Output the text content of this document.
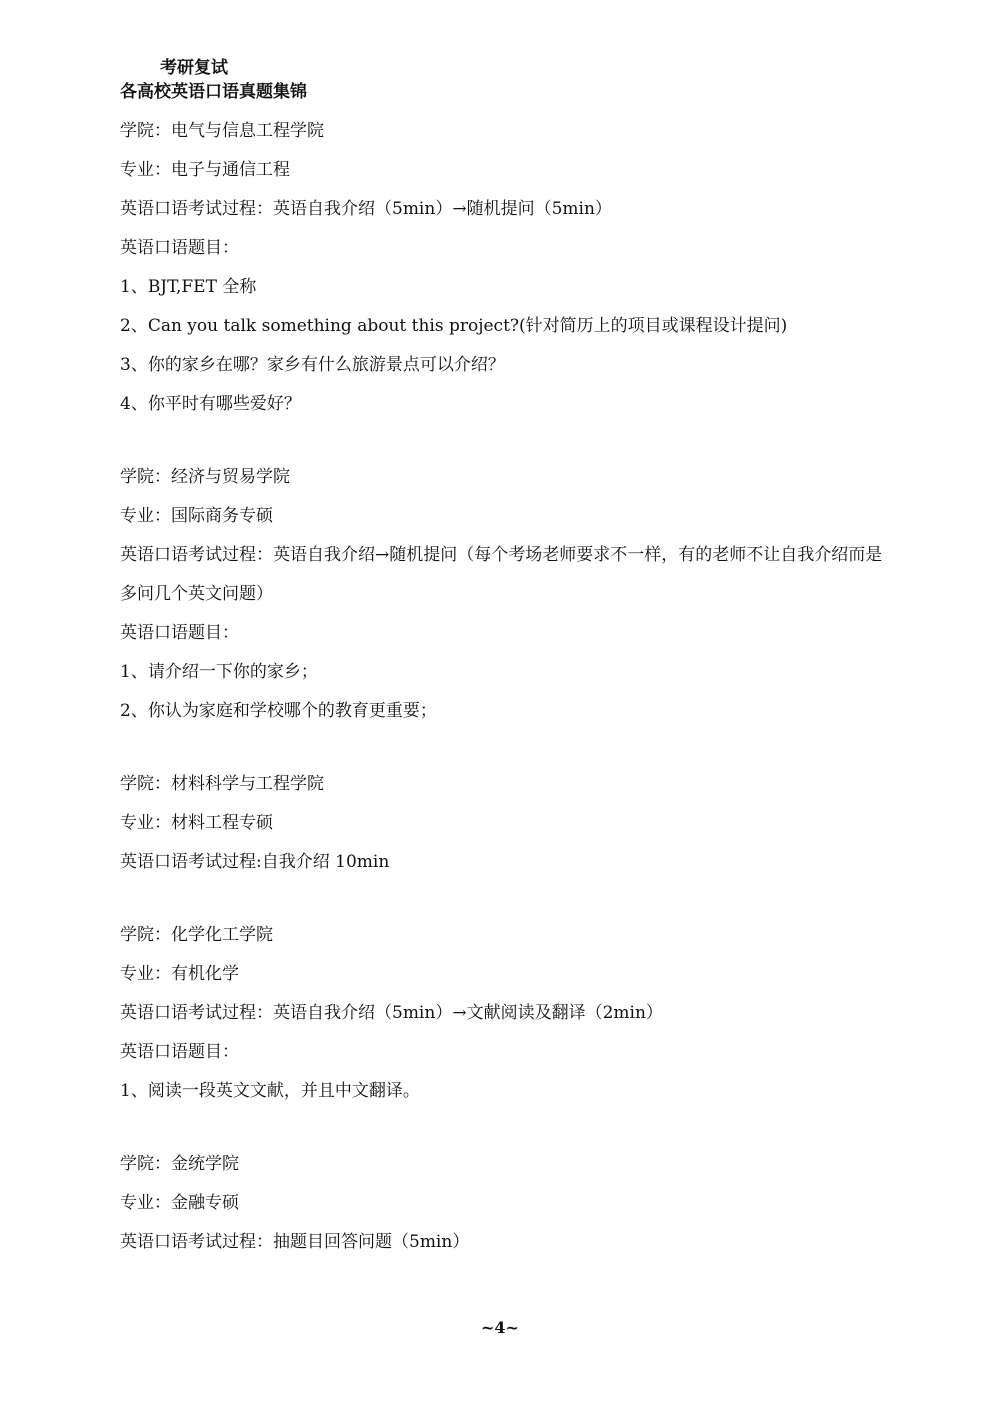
考研复试
各高校英语口语真题集锦
学院：电气与信息工程学院
专业：电子与通信工程
英语口语考试过程：英语自我介绍（5min）→随机提问（5min）
英语口语题目：
1、BJT,FET 全称
2、Can you talk something about this project?(针对简历上的项目或课程设计提问)
3、你的家乡在哪？家乡有什么旅游景点可以介绍？
4、你平时有哪些爱好？
学院：经济与贸易学院
专业：国际商务专硕
英语口语考试过程：英语自我介绍→随机提问（每个考场老师要求不一样，有的老师不让自我介绍而是多问几个英文问题）
英语口语题目：
1、请介绍一下你的家乡；
2、你认为家庭和学校哪个的教育更重要；
学院：材料科学与工程学院
专业：材料工程专硕
英语口语考试过程:自我介绍 10min
学院：化学化工学院
专业：有机化学
英语口语考试过程：英语自我介绍（5min）→文献阅读及翻译（2min）
英语口语题目：
1、阅读一段英文文献，并且中文翻译。
学院：金统学院
专业：金融专硕
英语口语考试过程：抽题目回答问题（5min）
~4~
